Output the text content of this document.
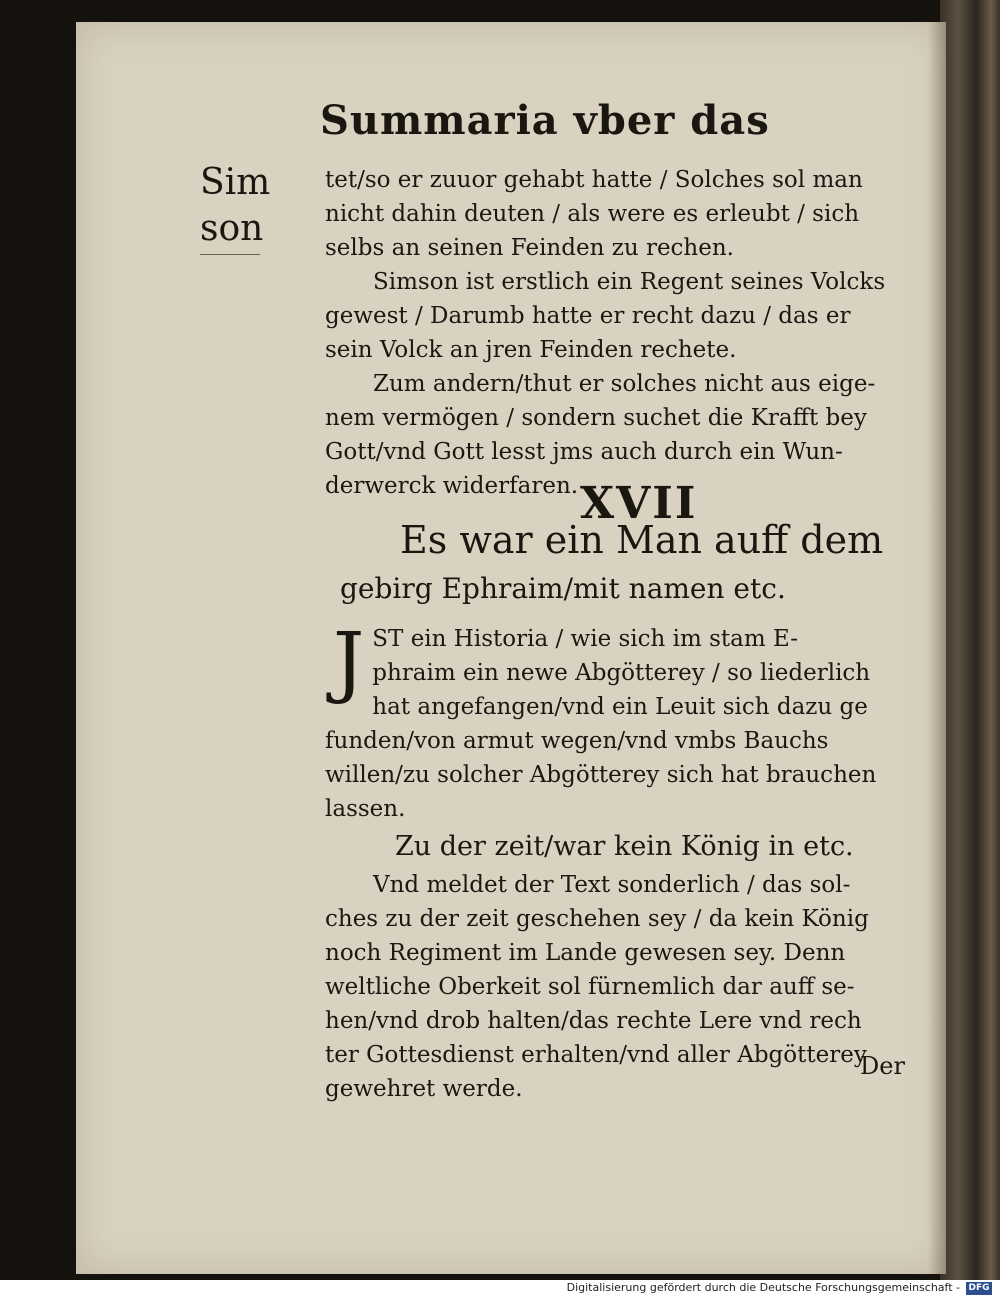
Summaria vber das
Sim
son

tet/so er zuuor gehabt hatte / Solches sol man
nicht dahin deuten / als were es erleubt / sich
selbs an seinen Feinden zu rechen.
Simson ist erstlich ein Regent seines Volcks
gewest / Darumb hatte er recht dazu / das er
sein Volck an jren Feinden rechete.
Zum andern/thut er solches nicht aus eige-
nem vermögen / sondern suchet die Krafft bey
Gott/vnd Gott lesst jms auch durch ein Wun-
derwerck widerfaren. XVII
Es war ein Man auff dem
gebirg Ephraim/mit namen etc.

J ST ein Historia / wie sich im stam E-
phraim ein newe Abgötterey / so liederlich
hat angefangen/vnd ein Leuit sich dazu ge
funden/von armut wegen/vnd vmbs Bauchs
willen/zu solcher Abgötterey sich hat brauchen
lassen.

Zu der zeit/war kein König in etc.

Vnd meldet der Text sonderlich / das sol-
ches zu der zeit geschehen sey / da kein König
noch Regiment im Lande gewesen sey. Denn
weltliche Oberkeit sol fürnemlich dar auff se-
hen/vnd drob halten/das rechte Lere vnd rech
ter Gottesdienst erhalten/vnd aller Abgötterey
gewehret werde.

Der
Digitalisierung gefördert durch die Deutsche Forschungsgemeinschaft - DFG
